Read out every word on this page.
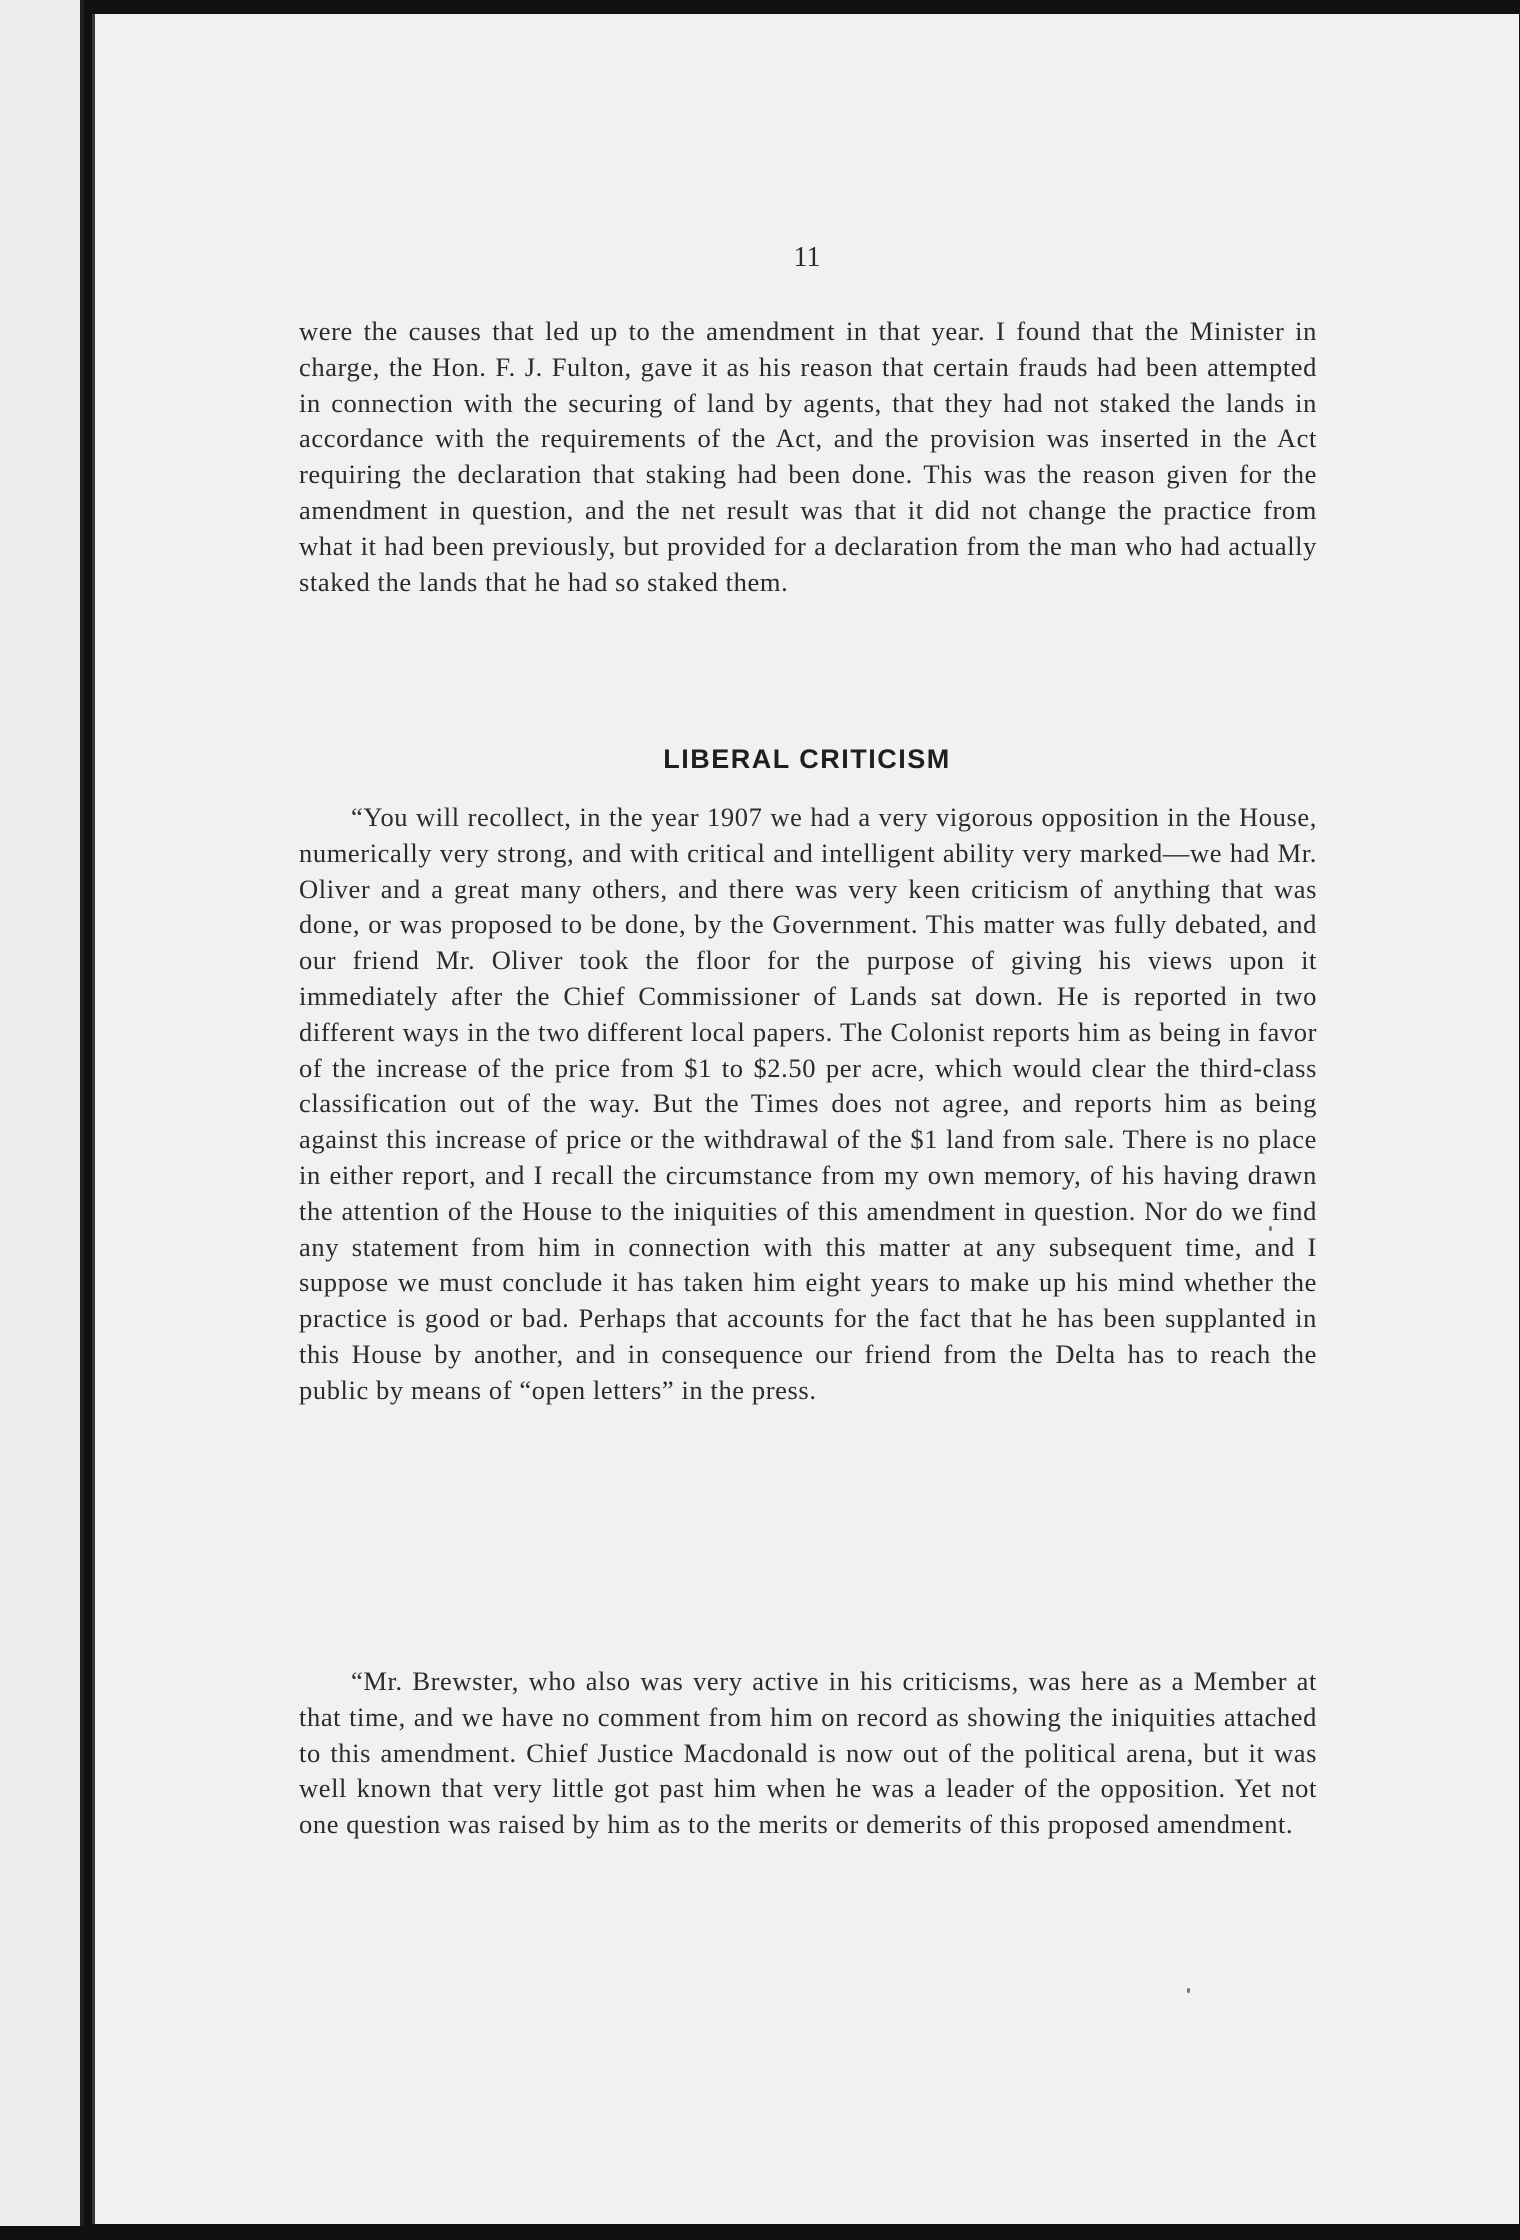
11

were the causes that led up to the amendment in that year. I found that the Minister in charge, the Hon. F. J. Fulton, gave it as his reason that certain frauds had been attempted in connection with the securing of land by agents, that they had not staked the lands in accordance with the requirements of the Act, and the provision was inserted in the Act requiring the declaration that staking had been done. This was the reason given for the amendment in question, and the net result was that it did not change the practice from what it had been previously, but provided for a declaration from the man who had actually staked the lands that he had so staked them.

LIBERAL CRITICISM

“You will recollect, in the year 1907 we had a very vigorous opposition in the House, numerically very strong, and with critical and intelligent ability very marked—we had Mr. Oliver and a great many others, and there was very keen criticism of anything that was done, or was proposed to be done, by the Government. This matter was fully debated, and our friend Mr. Oliver took the floor for the purpose of giving his views upon it immediately after the Chief Commissioner of Lands sat down. He is reported in two different ways in the two different local papers. The Colonist reports him as being in favor of the increase of the price from $1 to $2.50 per acre, which would clear the third-class classification out of the way. But the Times does not agree, and reports him as being against this increase of price or the withdrawal of the $1 land from sale. There is no place in either report, and I recall the circumstance from my own memory, of his having drawn the attention of the House to the iniquities of this amendment in question. Nor do we find any statement from him in connection with this matter at any subsequent time, and I suppose we must conclude it has taken him eight years to make up his mind whether the practice is good or bad. Perhaps that accounts for the fact that he has been supplanted in this House by another, and in consequence our friend from the Delta has to reach the public by means of “open letters” in the press.

“Mr. Brewster, who also was very active in his criticisms, was here as a Member at that time, and we have no comment from him on record as showing the iniquities attached to this amendment. Chief Justice Macdonald is now out of the political arena, but it was well known that very little got past him when he was a leader of the opposition. Yet not one question was raised by him as to the merits or demerits of this proposed amendment.
